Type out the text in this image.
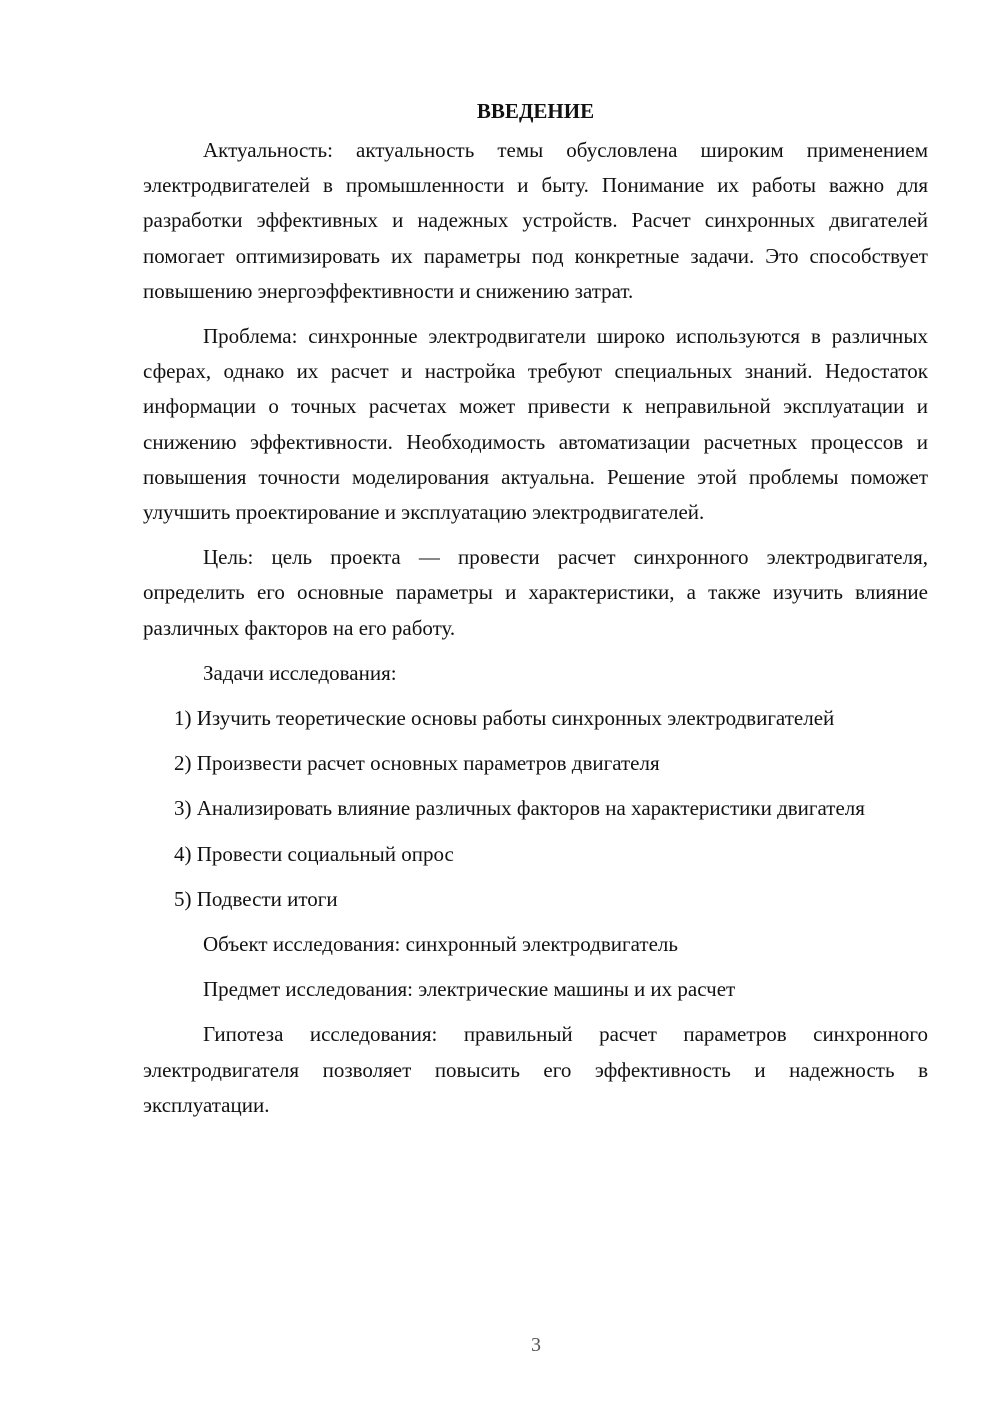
ВВЕДЕНИЕ

Актуальность: актуальность темы обусловлена широким применением электродвигателей в промышленности и быту. Понимание их работы важно для разработки эффективных и надежных устройств. Расчет синхронных двигателей помогает оптимизировать их параметры под конкретные задачи. Это способствует повышению энергоэффективности и снижению затрат.

Проблема: синхронные электродвигатели широко используются в различных сферах, однако их расчет и настройка требуют специальных знаний. Недостаток информации о точных расчетах может привести к неправильной эксплуатации и снижению эффективности. Необходимость автоматизации расчетных процессов и повышения точности моделирования актуальна. Решение этой проблемы поможет улучшить проектирование и эксплуатацию электродвигателей.

Цель: цель проекта — провести расчет синхронного электродвигателя, определить его основные параметры и характеристики, а также изучить влияние различных факторов на его работу.

Задачи исследования:

1) Изучить теоретические основы работы синхронных электродвигателей

2) Произвести расчет основных параметров двигателя

3) Анализировать влияние различных факторов на характеристики двигателя

4) Провести социальный опрос

5) Подвести итоги

Объект исследования: синхронный электродвигатель

Предмет исследования: электрические машины и их расчет

Гипотеза исследования: правильный расчет параметров синхронного электродвигателя позволяет повысить его эффективность и надежность в эксплуатации.

3
